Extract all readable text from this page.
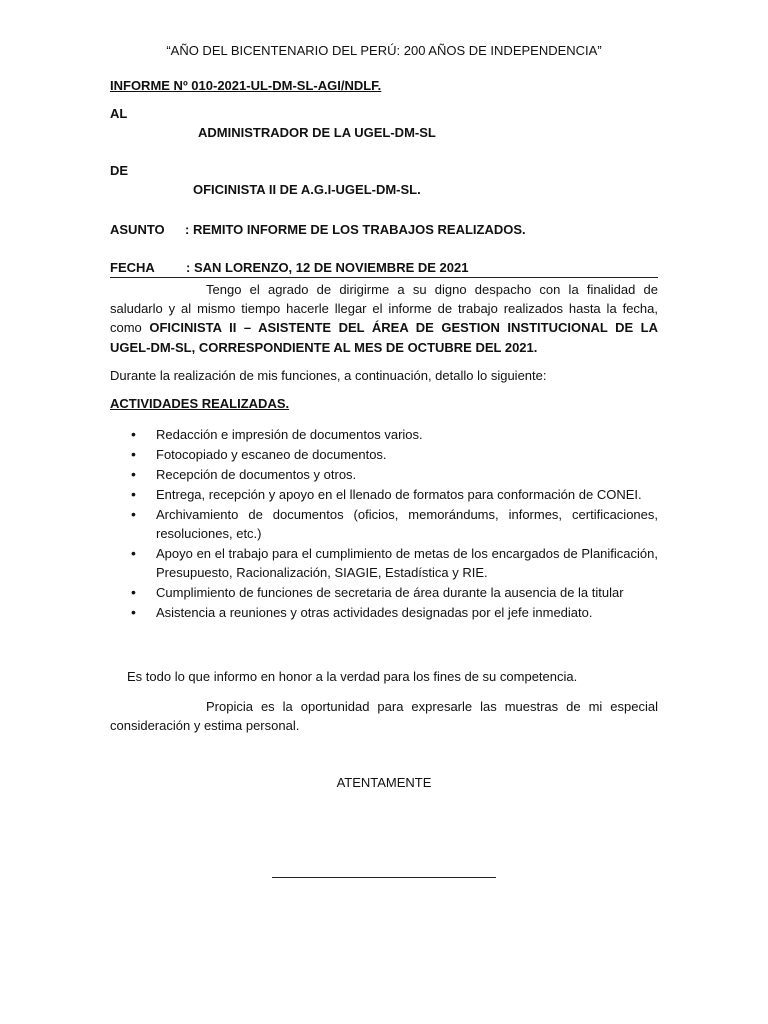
“AÑO DEL BICENTENARIO DEL PERÚ: 200 AÑOS DE INDEPENDENCIA”
INFORME Nº 010-2021-UL-DM-SL-AGI/NDLF.
AL
ADMINISTRADOR DE LA UGEL-DM-SL
DE
OFICINISTA II DE A.G.I-UGEL-DM-SL.
ASUNTO : REMITO INFORME DE LOS TRABAJOS REALIZADOS.
FECHA : SAN LORENZO, 12 DE NOVIEMBRE DE 2021
Tengo el agrado de dirigirme a su digno despacho con la finalidad de saludarlo y al mismo tiempo hacerle llegar el informe de trabajo realizados hasta la fecha, como OFICINISTA II – ASISTENTE DEL ÁREA DE GESTION INSTITUCIONAL DE LA UGEL-DM-SL, CORRESPONDIENTE AL MES DE OCTUBRE DEL 2021.
Durante la realización de mis funciones, a continuación, detallo lo siguiente:
ACTIVIDADES REALIZADAS.
• Redacción e impresión de documentos varios.
• Fotocopiado y escaneo de documentos.
• Recepción de documentos y otros.
• Entrega, recepción y apoyo en el llenado de formatos para conformación de CONEI.
• Archivamiento de documentos (oficios, memorándums, informes, certificaciones, resoluciones, etc.)
• Apoyo en el trabajo para el cumplimiento de metas de los encargados de Planificación, Presupuesto, Racionalización, SIAGIE, Estadística y RIE.
• Cumplimiento de funciones de secretaria de área durante la ausencia de la titular
• Asistencia a reuniones y otras actividades designadas por el jefe inmediato.
Es todo lo que informo en honor a la verdad para los fines de su competencia.
Propicia es la oportunidad para expresarle las muestras de mi especial consideración y estima personal.
ATENTAMENTE
